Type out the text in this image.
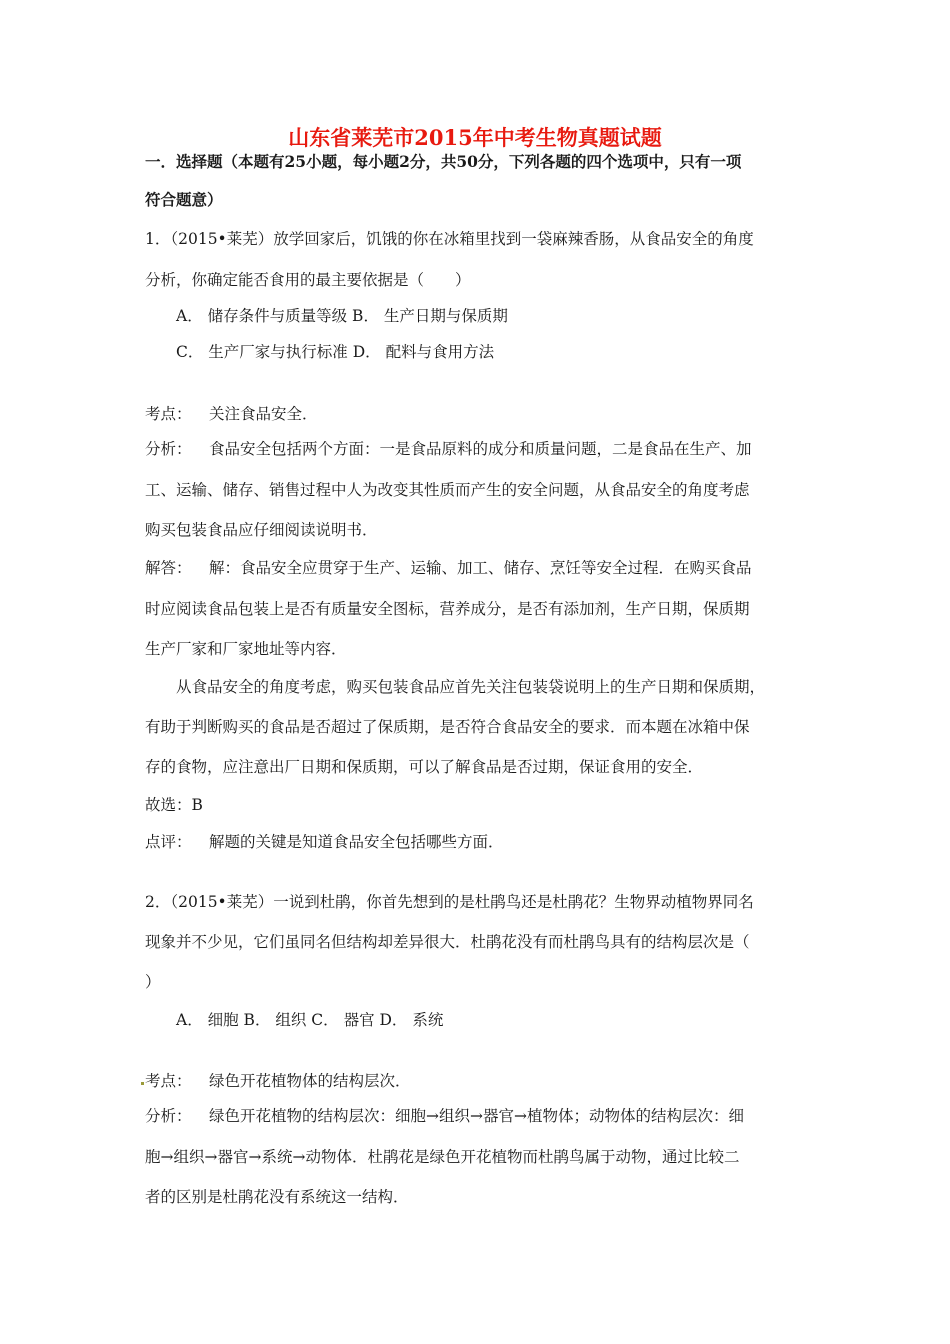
山东省莱芜市2015年中考生物真题试题
一．选择题（本题有25小题，每小题2分，共50分，下列各题的四个选项中，只有一项
符合题意）
1．（2015•莱芜）放学回家后，饥饿的你在冰箱里找到一袋麻辣香肠，从食品安全的角度
分析，你确定能否食用的最主要依据是（　　）
A． 储存条件与质量等级 B． 生产日期与保质期
C． 生产厂家与执行标准 D． 配料与食用方法
考点： 关注食品安全．
分析： 食品安全包括两个方面：一是食品原料的成分和质量问题，二是食品在生产、加
工、运输、储存、销售过程中人为改变其性质而产生的安全问题，从食品安全的角度考虑
购买包装食品应仔细阅读说明书．
解答： 解：食品安全应贯穿于生产、运输、加工、储存、烹饪等安全过程．在购买食品
时应阅读食品包装上是否有质量安全图标，营养成分，是否有添加剂，生产日期，保质期
生产厂家和厂家地址等内容．
从食品安全的角度考虑，购买包装食品应首先关注包装袋说明上的生产日期和保质期，
有助于判断购买的食品是否超过了保质期，是否符合食品安全的要求．而本题在冰箱中保
存的食物，应注意出厂日期和保质期，可以了解食品是否过期，保证食用的安全．
故选：B
点评： 解题的关键是知道食品安全包括哪些方面．
2．（2015•莱芜）一说到杜鹃，你首先想到的是杜鹃鸟还是杜鹃花？生物界动植物界同名
现象并不少见，它们虽同名但结构却差异很大．杜鹃花没有而杜鹃鸟具有的结构层次是（
）
A． 细胞 B． 组织 C． 器官 D． 系统
考点： 绿色开花植物体的结构层次．
分析： 绿色开花植物的结构层次：细胞→组织→器官→植物体；动物体的结构层次：细
胞→组织→器官→系统→动物体．杜鹃花是绿色开花植物而杜鹃鸟属于动物，通过比较二
者的区别是杜鹃花没有系统这一结构．
